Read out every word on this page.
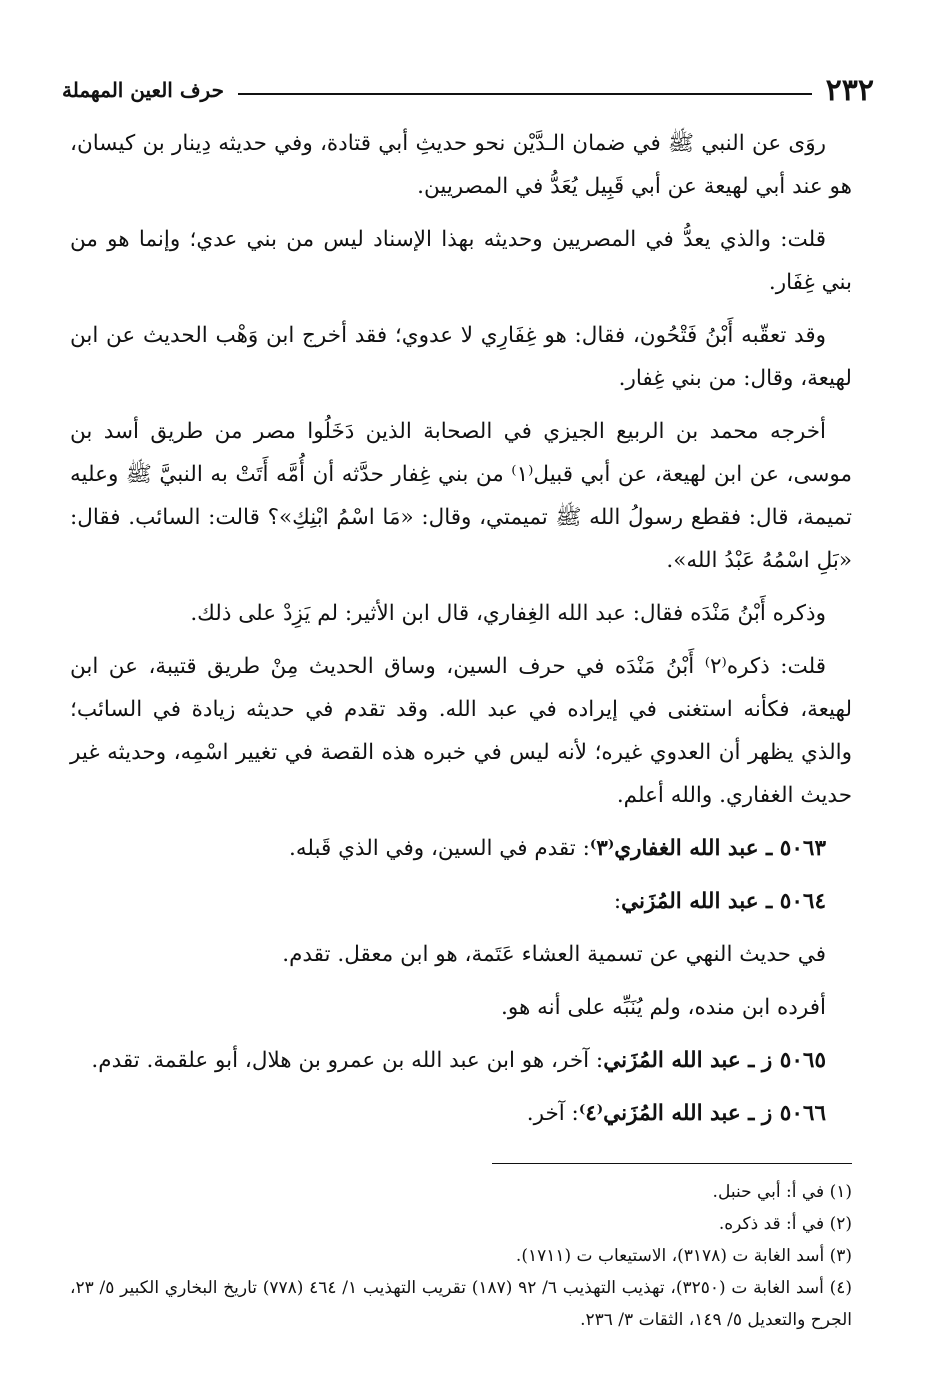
٢٣٢
حرف العين المهملة

روَى عن النبي ﷺ في ضمان الـدَّيْن نحو حديثِ أبي قتادة، وفي حديثه دِينار بن كيسان، هو عند أبي لهيعة عن أبي قَبِيل يُعَدُّ في المصريين.

قلت: والذي يعدُّ في المصريين وحديثه بهذا الإسناد ليس من بني عدي؛ وإنما هو من بني غِفَار.

وقد تعقّبه أَبْنُ فَتْحُون، فقال: هو غِفَارِي لا عدوي؛ فقد أخرج ابن وَهْب الحديث عن ابن لهيعة، وقال: من بني غِفار.

أخرجه محمد بن الربيع الجيزي في الصحابة الذين دَخَلُوا مصر من طريق أسد بن موسى، عن ابن لهيعة، عن أبي قبيل⁽١⁾ من بني غِفار حدَّثه أن أُمَّه أَتَتْ به النبيَّ ﷺ وعليه تميمة، قال: فقطع رسولُ الله ﷺ تميمتي، وقال: «مَا اسْمُ ابْنِكِ»؟ قالت: السائب. فقال: «بَلِ اسْمُهُ عَبْدُ الله».

وذكره أَبْنُ مَنْدَه فقال: عبد الله الغِفاري، قال ابن الأثير: لم يَزِدْ على ذلك.

قلت: ذكره⁽٢⁾ أَبْنُ مَنْدَه في حرف السين، وساق الحديث مِنْ طريق قتيبة، عن ابن لهيعة، فكأنه استغنى في إيراده في عبد الله. وقد تقدم في حديثه زيادة في السائب؛ والذي يظهر أن العدوي غيره؛ لأنه ليس في خبره هذه القصة في تغيير اسْمِه، وحديثه غير حديث الغفاري. والله أعلم.

٥٠٦٣ ـ عبد الله الغفاري⁽٣⁾: تقدم في السين، وفي الذي قَبله.

٥٠٦٤ ـ عبد الله المُزَني:

في حديث النهي عن تسمية العشاء عَتَمة، هو ابن معقل. تقدم.

أفرده ابن منده، ولم يُنَبِّه على أنه هو.

٥٠٦٥ ز ـ عبد الله المُزَني: آخر، هو ابن عبد الله بن عمرو بن هلال، أبو علقمة. تقدم.

٥٠٦٦ ز ـ عبد الله المُزَني⁽٤⁾: آخر.

(١) في أ: أبي حنبل.

(٢) في أ: قد ذكره.

(٣) أسد الغابة ت (٣١٧٨)، الاستيعاب ت (١٧١١).

(٤) أسد الغابة ت (٣٢٥٠)، تهذيب التهذيب ٦/ ٩٢ (١٨٧) تقريب التهذيب ١/ ٤٦٤ (٧٧٨) تاريخ البخاري الكبير ٥/ ٢٣، الجرح والتعديل ٥/ ١٤٩، الثقات ٣/ ٢٣٦.
